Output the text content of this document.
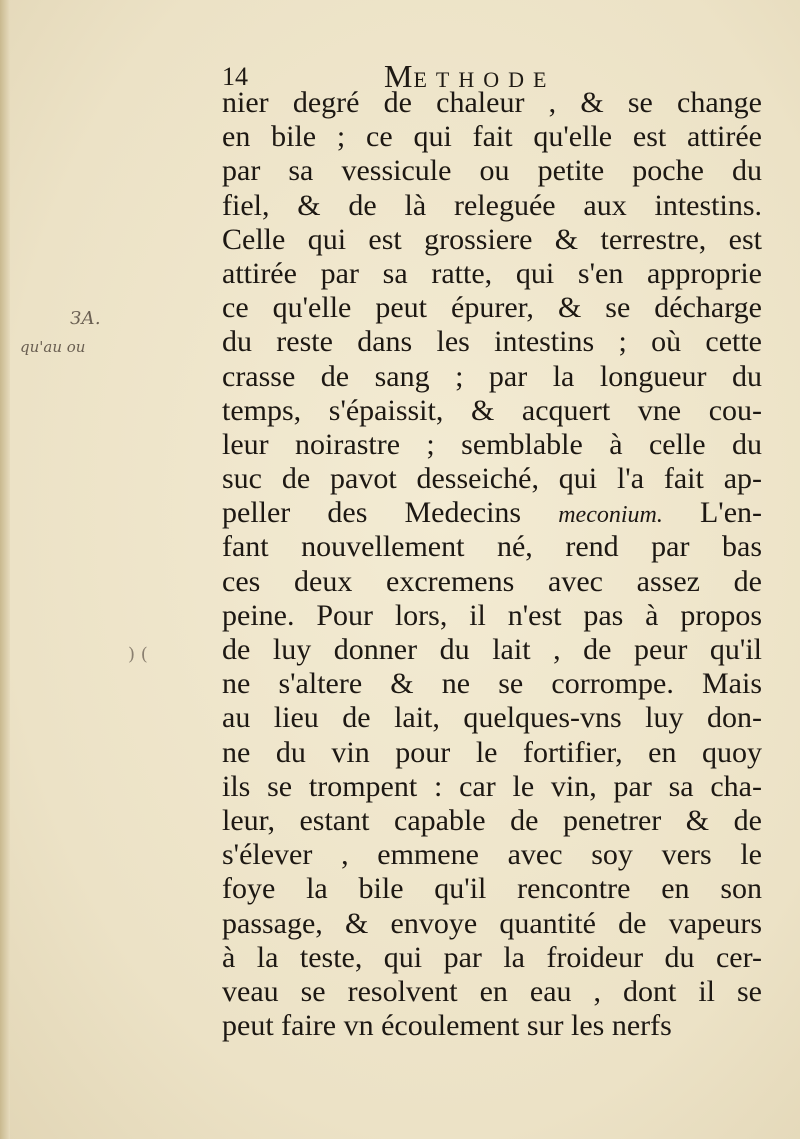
14	METHODE
ЗА.
qu'au ou
) (
nier degré de chaleur , & se change
en bile ; ce qui fait qu'elle est attirée
par sa vessicule ou petite poche du
fiel, & de là releguée aux intestins.
Celle qui est grossiere & terrestre, est
attirée par sa ratte, qui s'en approprie
ce qu'elle peut épurer, & se décharge
du reste dans les intestins ; où cette
crasse de sang ; par la longueur du
temps, s'épaissit, & acquert vne cou-
leur noirastre ; semblable à celle du
suc de pavot desseiché, qui l'a fait ap-
peller des Medecins meconium. L'en-
fant nouvellement né, rend par bas
ces deux excremens avec assez de
peine. Pour lors, il n'est pas à propos
de luy donner du lait , de peur qu'il
ne s'altere & ne se corrompe. Mais
au lieu de lait, quelques-vns luy don-
ne du vin pour le fortifier, en quoy
ils se trompent : car le vin, par sa cha-
leur, estant capable de penetrer & de
s'élever , emmene avec soy vers le
foye la bile qu'il rencontre en son
passage, & envoye quantité de vapeurs
à la teste, qui par la froideur du cer-
veau se resolvent en eau , dont il se
peut faire vn écoulement sur les nerfs
